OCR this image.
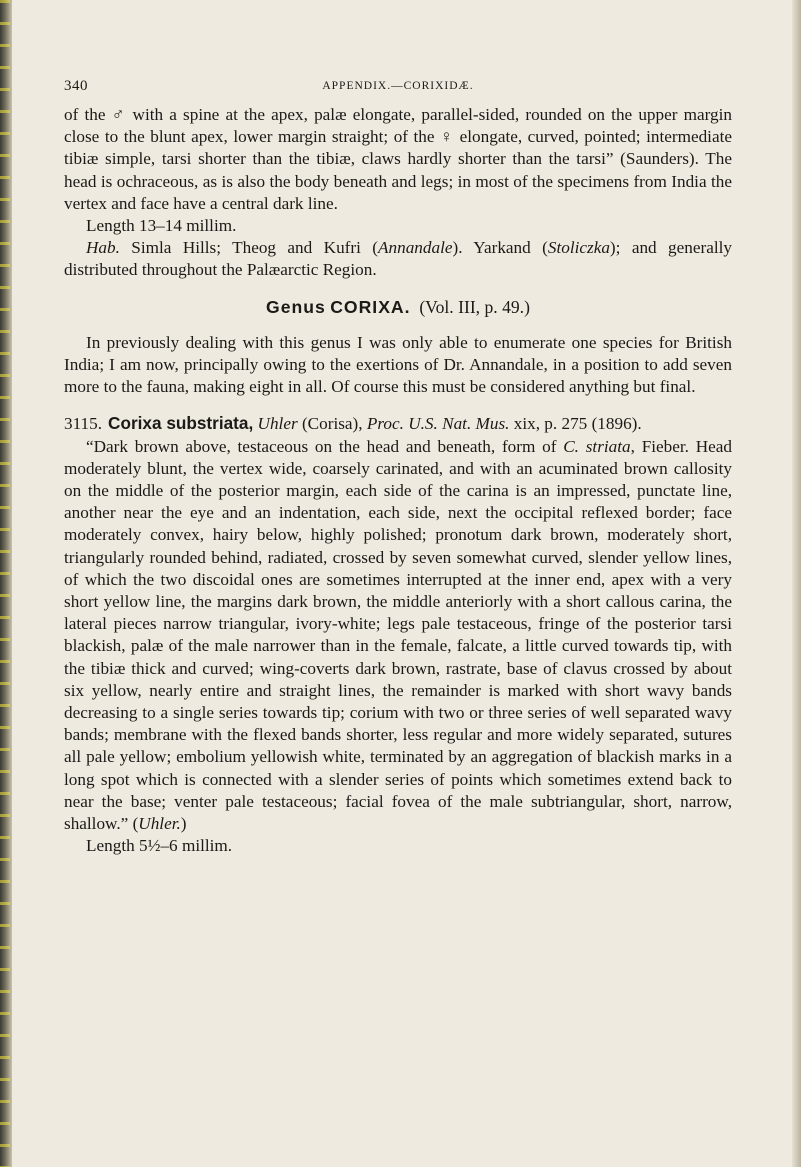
340	APPENDIX.—CORIXIDÆ.

of the ♂ with a spine at the apex, palæ elongate, parallel-sided, rounded on the upper margin close to the blunt apex, lower margin straight; of the ♀ elongate, curved, pointed; intermediate tibiæ simple, tarsi shorter than the tibiæ, claws hardly shorter than the tarsi” (Saunders). The head is ochraceous, as is also the body beneath and legs; in most of the specimens from India the vertex and face have a central dark line.

Length 13–14 millim.

Hab. Simla Hills; Theog and Kufri (Annandale). Yarkand (Stoliczka); and generally distributed throughout the Palæarctic Region.

Genus CORIXA. (Vol. III, p. 49.)

In previously dealing with this genus I was only able to enumerate one species for British India; I am now, principally owing to the exertions of Dr. Annandale, in a position to add seven more to the fauna, making eight in all. Of course this must be considered anything but final.

3115. Corixa substriata, Uhler (Corisa), Proc. U.S. Nat. Mus. xix, p. 275 (1896).

“Dark brown above, testaceous on the head and beneath, form of C. striata, Fieber. Head moderately blunt, the vertex wide, coarsely carinated, and with an acuminated brown callosity on the middle of the posterior margin, each side of the carina is an impressed, punctate line, another near the eye and an indentation, each side, next the occipital reflexed border; face moderately convex, hairy below, highly polished; pronotum dark brown, moderately short, triangularly rounded behind, radiated, crossed by seven somewhat curved, slender yellow lines, of which the two discoidal ones are sometimes interrupted at the inner end, apex with a very short yellow line, the margins dark brown, the middle anteriorly with a short callous carina, the lateral pieces narrow triangular, ivory-white; legs pale testaceous, fringe of the posterior tarsi blackish, palæ of the male narrower than in the female, falcate, a little curved towards tip, with the tibiæ thick and curved; wing-coverts dark brown, rastrate, base of clavus crossed by about six yellow, nearly entire and straight lines, the remainder is marked with short wavy bands decreasing to a single series towards tip; corium with two or three series of well separated wavy bands; membrane with the flexed bands shorter, less regular and more widely separated, sutures all pale yellow; embolium yellowish white, terminated by an aggregation of blackish marks in a long spot which is connected with a slender series of points which sometimes extend back to near the base; venter pale testaceous; facial fovea of the male subtriangular, short, narrow, shallow.” (Uhler.)

Length 5½–6 millim.
